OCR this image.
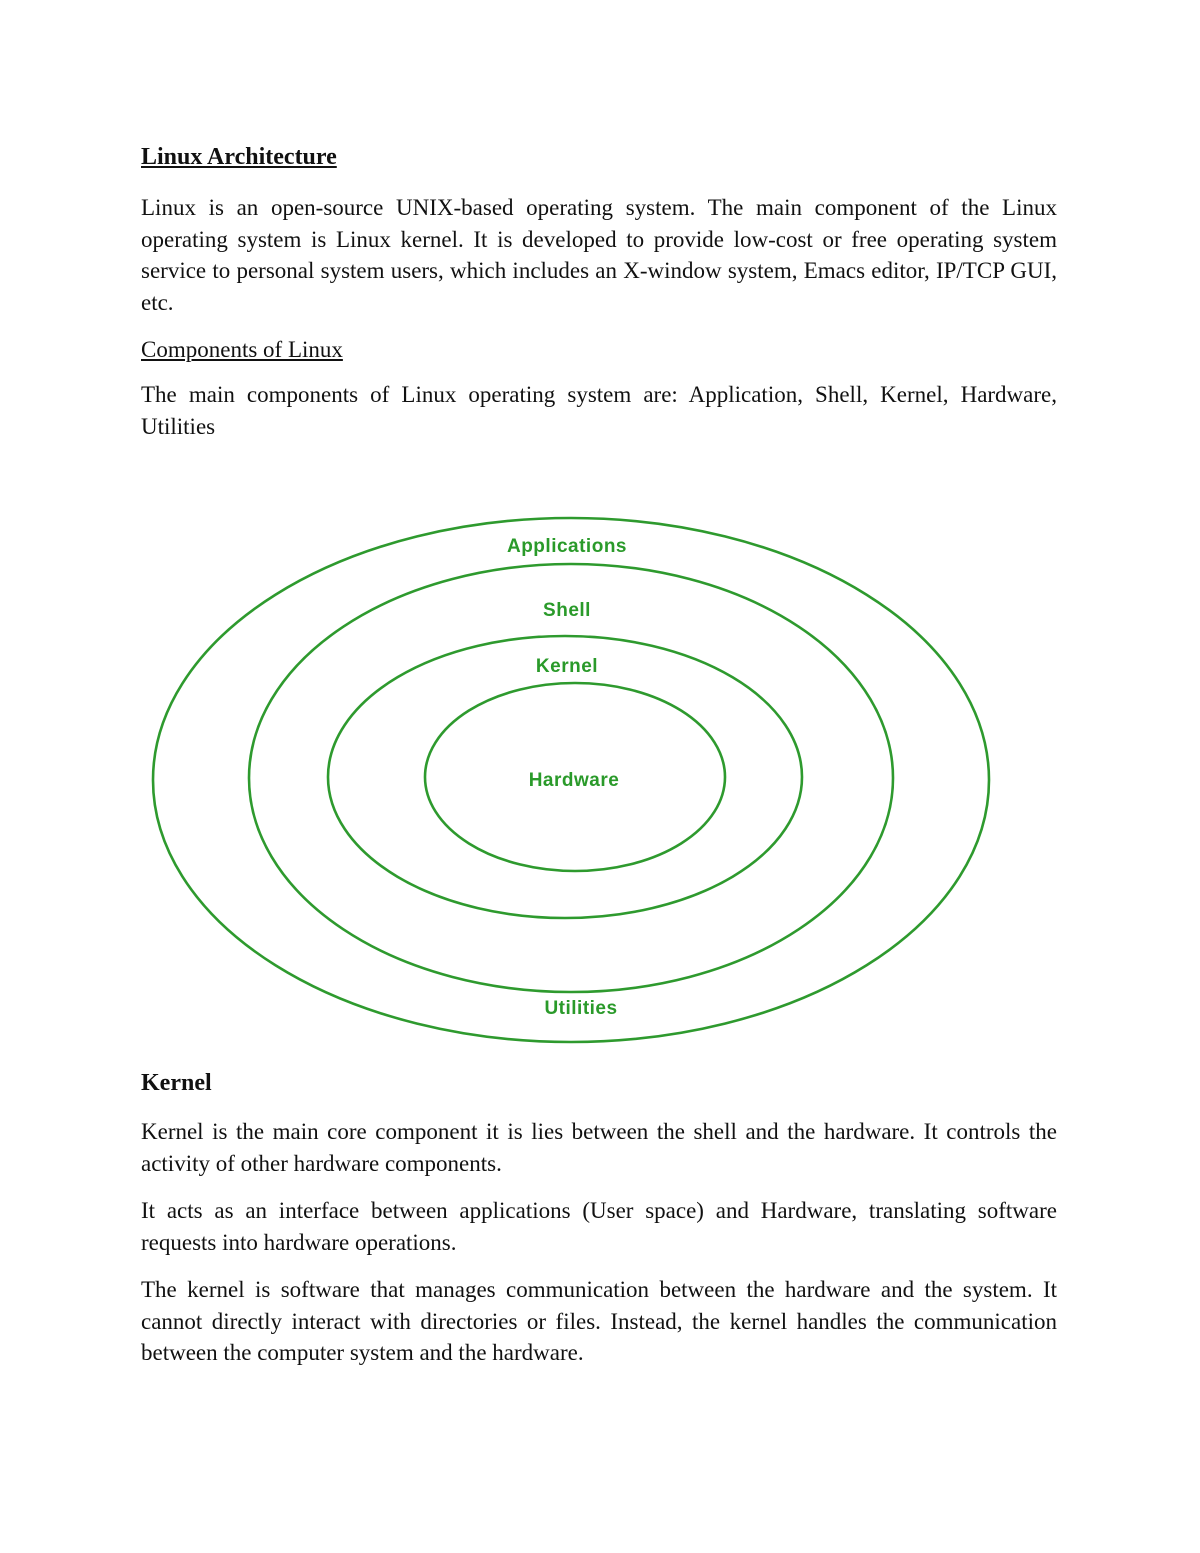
Linux Architecture

Linux is an open-source UNIX-based operating system. The main component of the Linux operating system is Linux kernel. It is developed to provide low-cost or free operating system service to personal system users, which includes an X-window system, Emacs editor, IP/TCP GUI, etc.

Components of Linux

The main components of Linux operating system are: Application, Shell, Kernel, Hardware, Utilities

Applications
Shell
Kernel
Hardware
Utilities
Kernel

Kernel is the main core component it is lies between the shell and the hardware. It controls the activity of other hardware components.

It acts as an interface between applications (User space) and Hardware, translating software requests into hardware operations.

The kernel is software that manages communication between the hardware and the system. It cannot directly interact with directories or files. Instead, the kernel handles the communication between the computer system and the hardware.
